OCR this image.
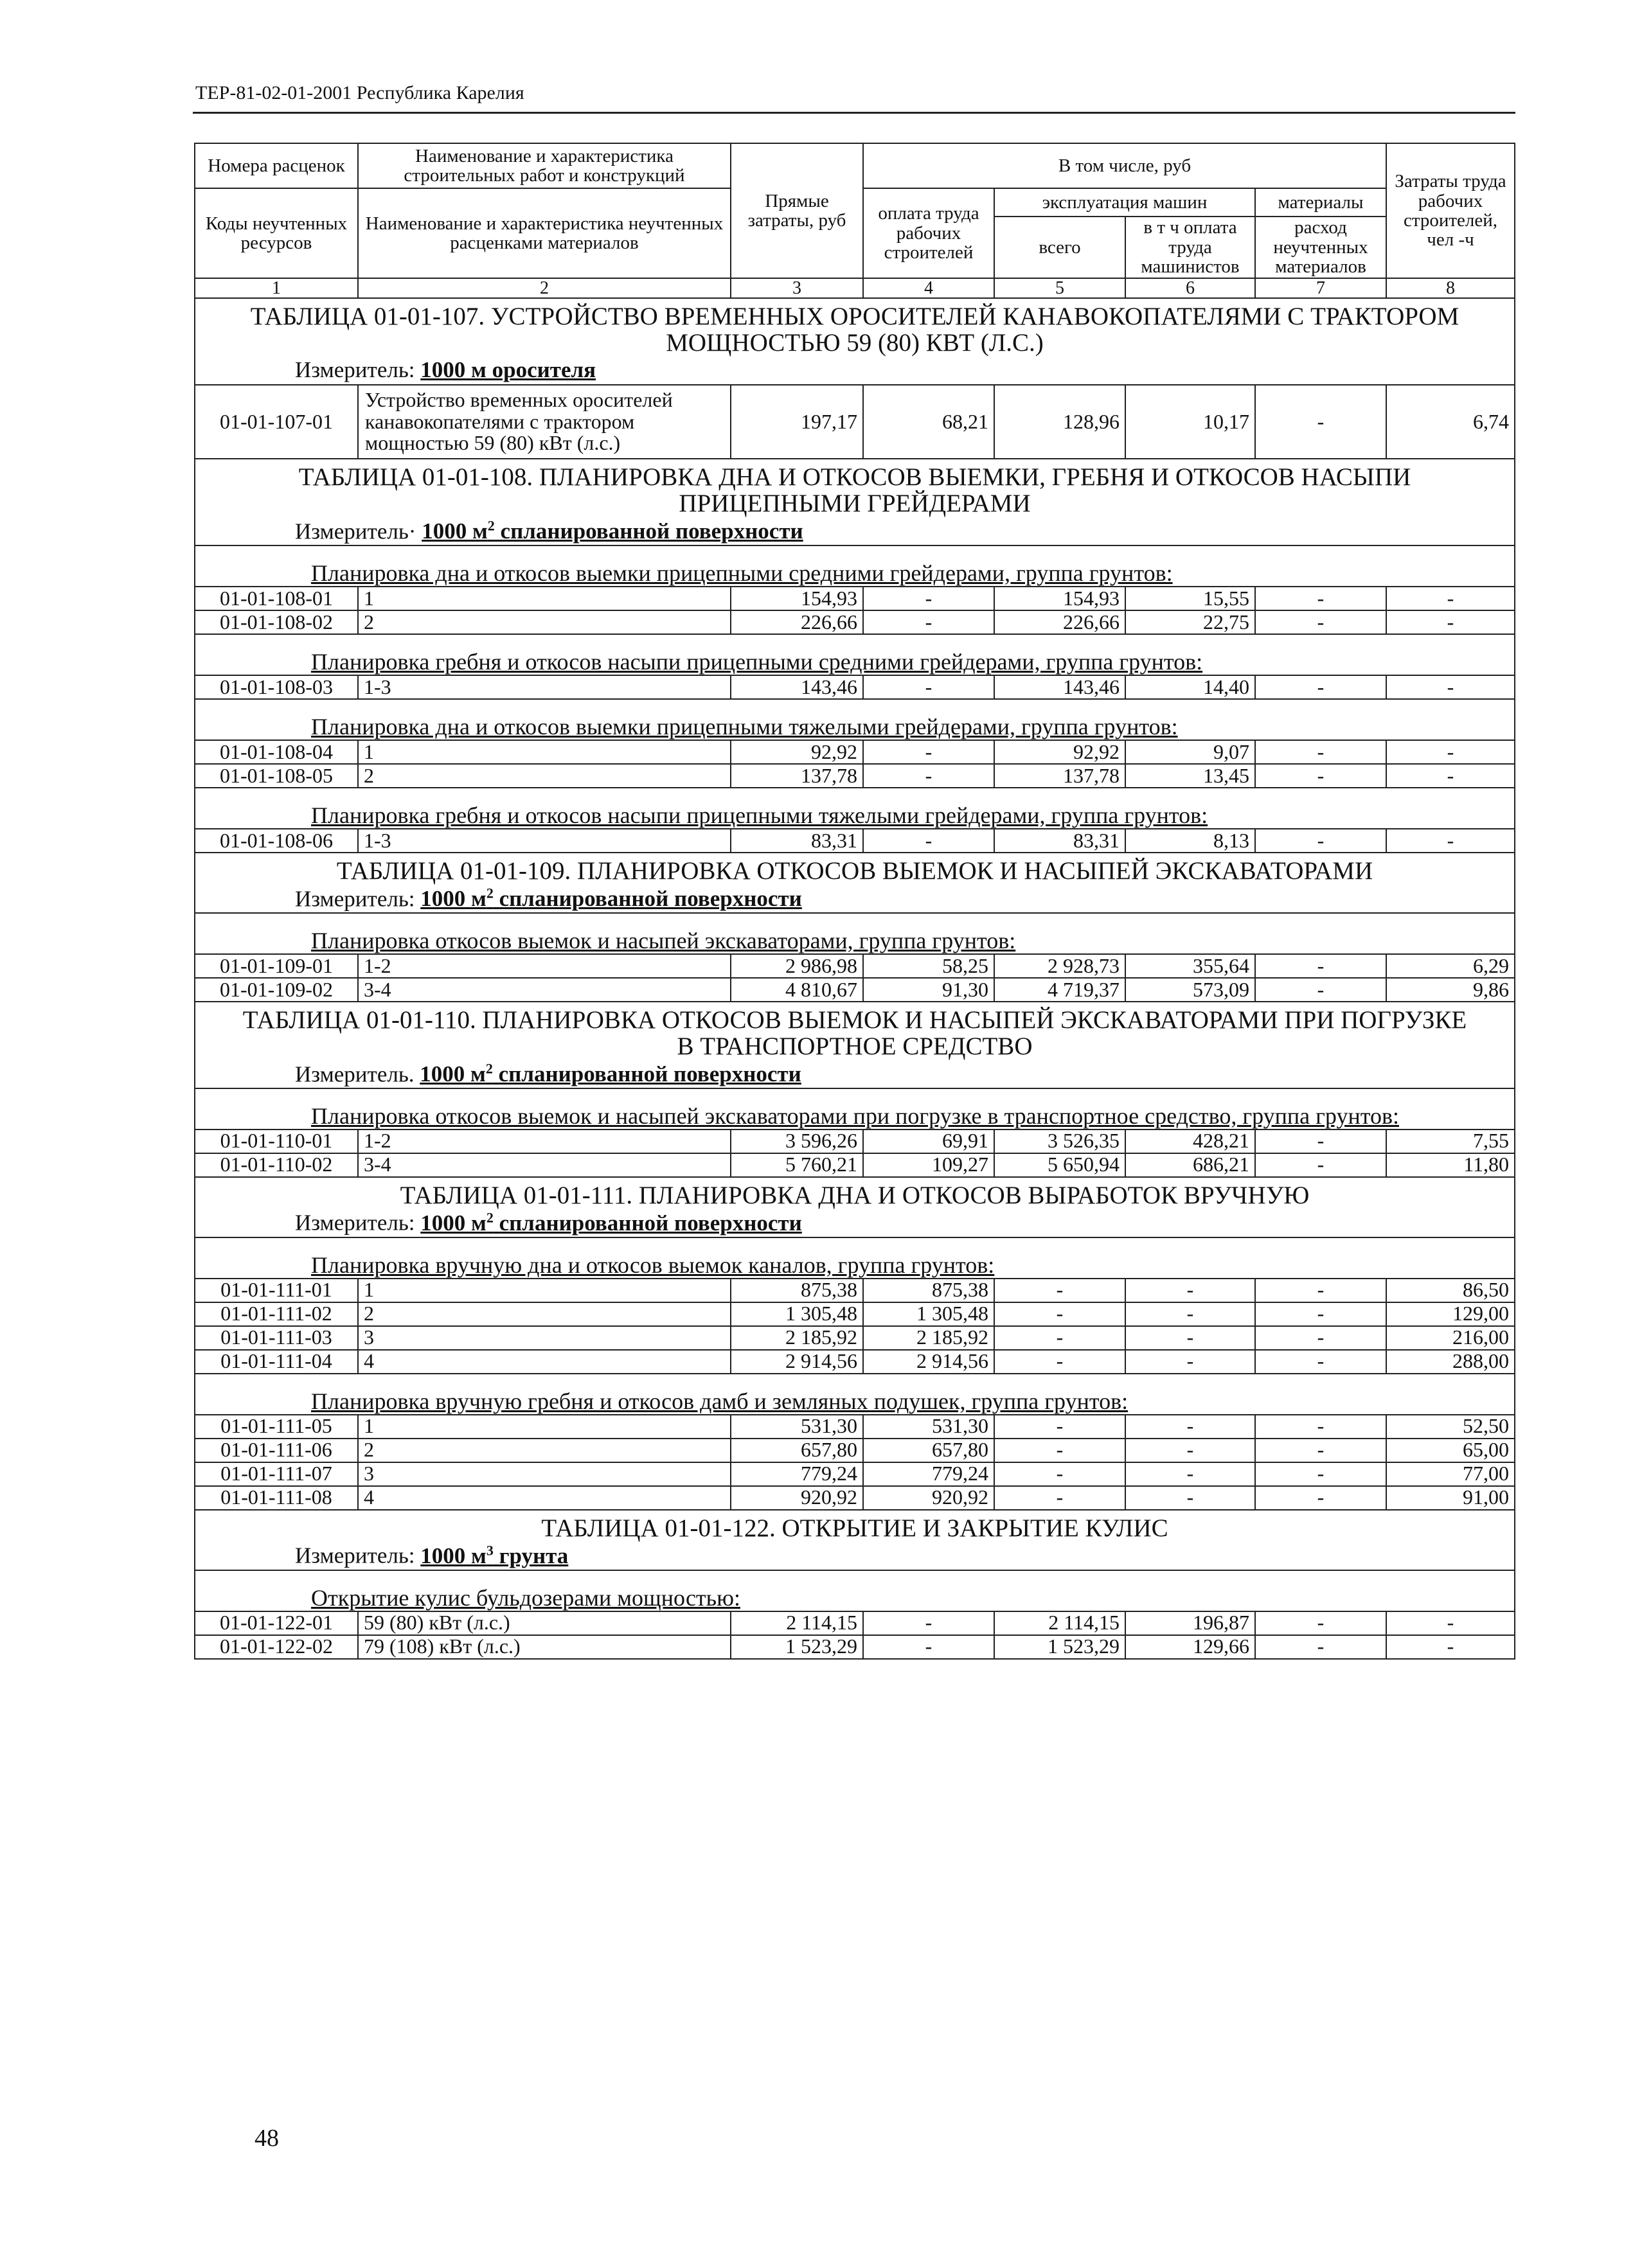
ТЕР-81-02-01-2001 Республика Карелия
Номера расценок	Наименование и характеристика строительных работ и конструкций	Прямые затраты, руб	В том числе, руб				Затраты труда рабочих строителей, чел -ч
Коды неучтенных ресурсов	Наименование и характеристика неучтенных расценками материалов		оплата труда рабочих строителей	эксплуатация машин		материалы	
				всего	в т ч оплата труда машинистов	расход неучтенных материалов	
1	2	3	4	5	6	7	8
ТАБЛИЦА 01-01-107. УСТРОЙСТВО ВРЕМЕННЫХ ОРОСИТЕЛЕЙ КАНАВОКОПАТЕЛЯМИ С ТРАКТОРОМ МОЩНОСТЬЮ 59 (80) КВТ (Л.С.)							
Измеритель: 1000 м оросителя							
01-01-107-01	Устройство временных оросителей канавокопателями с трактором мощностью 59 (80) кВт (л.с.)	197,17	68,21	128,96	10,17	-	6,74
ТАБЛИЦА 01-01-108. ПЛАНИРОВКА ДНА И ОТКОСОВ ВЫЕМКИ, ГРЕБНЯ И ОТКОСОВ НАСЫПИ ПРИЦЕПНЫМИ ГРЕЙДЕРАМИ							
Измеритель· 1000 $м^2$ спланированной поверхности							
Планировка дна и откосов выемки прицепными средними грейдерами, группа грунтов:							
01-01-108-01	1	154,93	-	154,93	15,55	-	-
01-01-108-02	2	226,66	-	226,66	22,75	-	-
Планировка гребня и откосов насыпи прицепными средними грейдерами, группа грунтов:							
01-01-108-03	1-3	143,46	-	143,46	14,40	-	-
Планировка дна и откосов выемки прицепными тяжелыми грейдерами, группа грунтов:							
01-01-108-04	1	92,92	-	92,92	9,07	-	-
01-01-108-05	2	137,78	-	137,78	13,45	-	-
Планировка гребня и откосов насыпи прицепными тяжелыми грейдерами, группа грунтов:							
01-01-108-06	1-3	83,31	-	83,31	8,13	-	-
ТАБЛИЦА 01-01-109. ПЛАНИРОВКА ОТКОСОВ ВЫЕМОК И НАСЫПЕЙ ЭКСКАВАТОРАМИ							
Измеритель: 1000 $м^2$ спланированной поверхности							
Планировка откосов выемок и насыпей экскаваторами, группа грунтов:							
01-01-109-01	1-2	2 986,98	58,25	2 928,73	355,64	-	6,29
01-01-109-02	3-4	4 810,67	91,30	4 719,37	573,09	-	9,86
ТАБЛИЦА 01-01-110. ПЛАНИРОВКА ОТКОСОВ ВЫЕМОК И НАСЫПЕЙ ЭКСКАВАТОРАМИ ПРИ ПОГРУЗКЕ В ТРАНСПОРТНОЕ СРЕДСТВО							
Измеритель. 1000 $м^2$ спланированной поверхности							
Планировка откосов выемок и насыпей экскаваторами при погрузке в транспортное средство, группа грунтов:							
01-01-110-01	1-2	3 596,26	69,91	3 526,35	428,21	-	7,55
01-01-110-02	3-4	5 760,21	109,27	5 650,94	686,21	-	11,80
ТАБЛИЦА 01-01-111. ПЛАНИРОВКА ДНА И ОТКОСОВ ВЫРАБОТОК ВРУЧНУЮ							
Измеритель: 1000 $м^2$ спланированной поверхности							
Планировка вручную дна и откосов выемок каналов, группа грунтов:							
01-01-111-01	1	875,38	875,38	-	-	-	86,50
01-01-111-02	2	1 305,48	1 305,48	-	-	-	129,00
01-01-111-03	3	2 185,92	2 185,92	-	-	-	216,00
01-01-111-04	4	2 914,56	2 914,56	-	-	-	288,00
Планировка вручную гребня и откосов дамб и земляных подушек, группа грунтов:							
01-01-111-05	1	531,30	531,30	-	-	-	52,50
01-01-111-06	2	657,80	657,80	-	-	-	65,00
01-01-111-07	3	779,24	779,24	-	-	-	77,00
01-01-111-08	4	920,92	920,92	-	-	-	91,00
ТАБЛИЦА 01-01-122. ОТКРЫТИЕ И ЗАКРЫТИЕ КУЛИС							
Измеритель: 1000 $м^3$ грунта							
Открытие кулис бульдозерами мощностью:							
01-01-122-01	59 (80) кВт (л.с.)	2 114,15	-	2 114,15	196,87	-	-
01-01-122-02	79 (108) кВт (л.с.)	1 523,29	-	1 523,29	129,66	-	-
48
